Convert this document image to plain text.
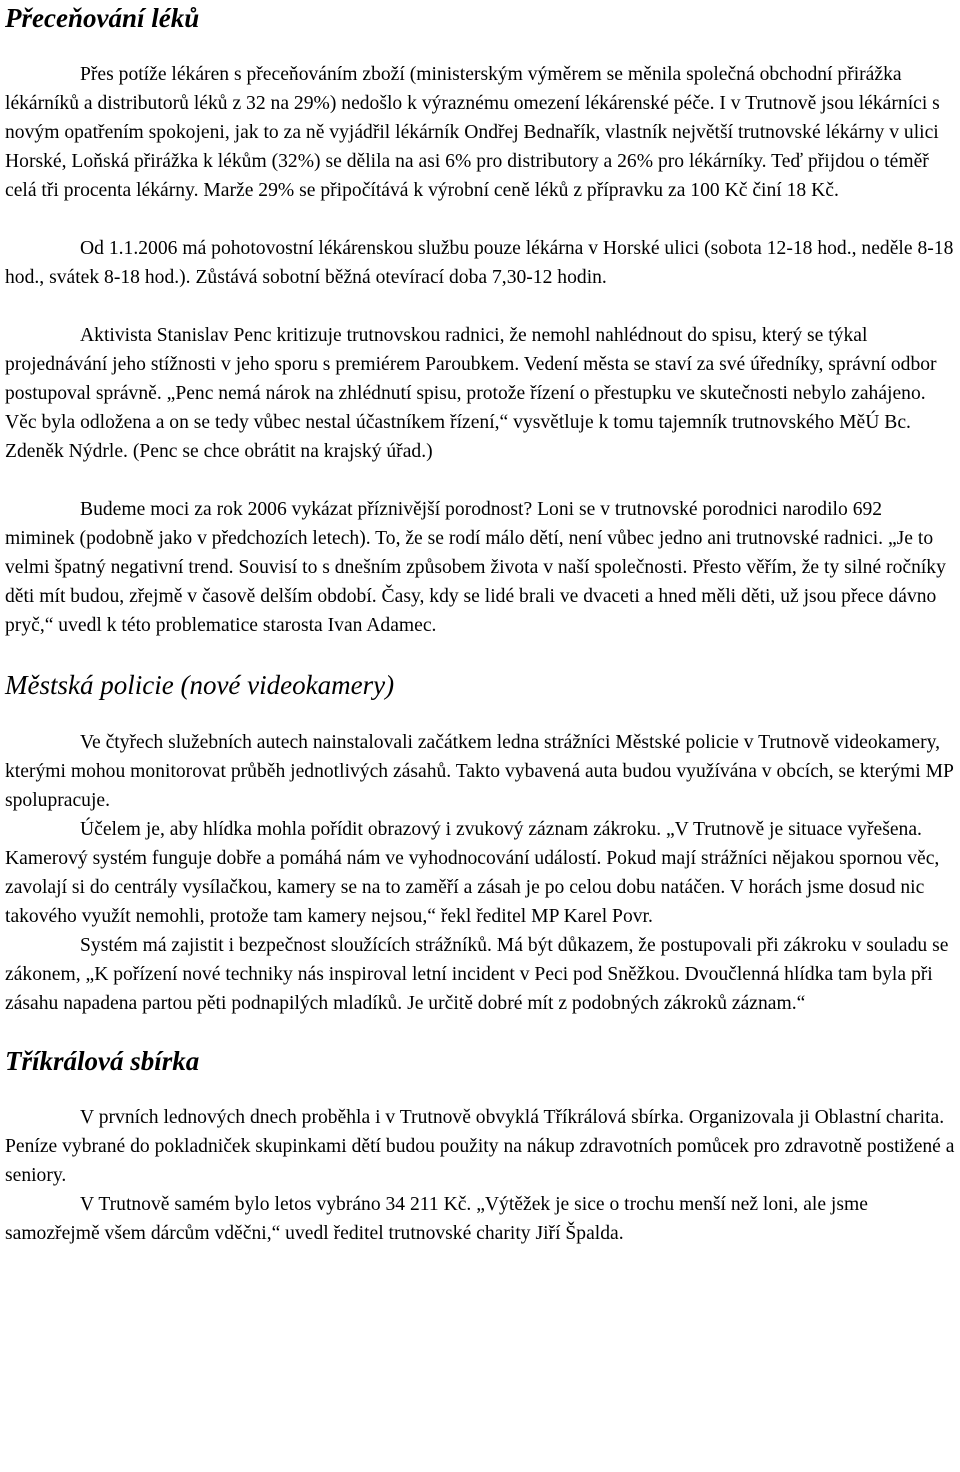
Přeceňování léků

Přes potíže lékáren s přeceňováním zboží (ministerským výměrem se měnila společná obchodní přirážka lékárníků a distributorů léků z 32 na 29%) nedošlo k výraznému omezení lékárenské péče. I v Trutnově jsou lékárníci s novým opatřením spokojeni, jak to za ně vyjádřil lékárník Ondřej Bednařík, vlastník největší trutnovské lékárny v ulici Horské, Loňská přirážka k lékům (32%) se dělila na asi 6% pro distributory a 26% pro lékárníky. Teď přijdou o téměř celá tři procenta lékárny. Marže 29% se připočítává k výrobní ceně léků z přípravku za 100 Kč činí 18 Kč.

Od 1.1.2006 má pohotovostní lékárenskou službu pouze lékárna v Horské ulici (sobota 12-18 hod., neděle 8-18 hod., svátek 8-18 hod.). Zůstává sobotní běžná otevírací doba 7,30-12 hodin.

Aktivista Stanislav Penc kritizuje trutnovskou radnici, že nemohl nahlédnout do spisu, který se týkal projednávání jeho stížnosti v jeho sporu s premiérem Paroubkem. Vedení města se staví za své úředníky, správní odbor postupoval správně. „Penc nemá nárok na zhlédnutí spisu, protože řízení o přestupku ve skutečnosti nebylo zahájeno. Věc byla odložena a on se tedy vůbec nestal účastníkem řízení,“ vysvětluje k tomu tajemník trutnovského MěÚ Bc. Zdeněk Nýdrle. (Penc se chce obrátit na krajský úřad.)

Budeme moci za rok 2006 vykázat příznivější porodnost? Loni se v trutnovské porodnici narodilo 692 miminek (podobně jako v předchozích letech). To, že se rodí málo dětí, není vůbec jedno ani trutnovské radnici. „Je to velmi špatný negativní trend. Souvisí to s dnešním způsobem života v naší společnosti. Přesto věřím, že ty silné ročníky děti mít budou, zřejmě v časově delším období. Časy, kdy se lidé brali ve dvaceti a hned měli děti, už jsou přece dávno pryč,“ uvedl k této problematice starosta Ivan Adamec.

Městská policie (nové videokamery)

Ve čtyřech služebních autech nainstalovali začátkem ledna strážníci Městské policie v Trutnově videokamery, kterými mohou monitorovat průběh jednotlivých zásahů. Takto vybavená auta budou využívána v obcích, se kterými MP spolupracuje.

Účelem je, aby hlídka mohla pořídit obrazový i zvukový záznam zákroku. „V Trutnově je situace vyřešena. Kamerový systém funguje dobře a pomáhá nám ve vyhodnocování událostí. Pokud mají strážníci nějakou spornou věc, zavolají si do centrály vysílačkou, kamery se na to zaměří a zásah je po celou dobu natáčen. V horách jsme dosud nic takového využít nemohli, protože tam kamery nejsou,“ řekl ředitel MP Karel Povr.

Systém má zajistit i bezpečnost sloužících strážníků. Má být důkazem, že postupovali při zákroku v souladu se zákonem, „K pořízení nové techniky nás inspiroval letní incident v Peci pod Sněžkou. Dvoučlenná hlídka tam byla při zásahu napadena partou pěti podnapilých mladíků. Je určitě dobré mít z podobných zákroků záznam.“

Tříkrálová sbírka

V prvních lednových dnech proběhla i v Trutnově obvyklá Tříkrálová sbírka. Organizovala ji Oblastní charita. Peníze vybrané do pokladniček skupinkami dětí budou použity na nákup zdravotních pomůcek pro zdravotně postižené a seniory.

V Trutnově samém bylo letos vybráno 34 211 Kč. „Výtěžek je sice o trochu menší než loni, ale jsme samozřejmě všem dárcům vděčni,“ uvedl ředitel trutnovské charity Jiří Špalda.
